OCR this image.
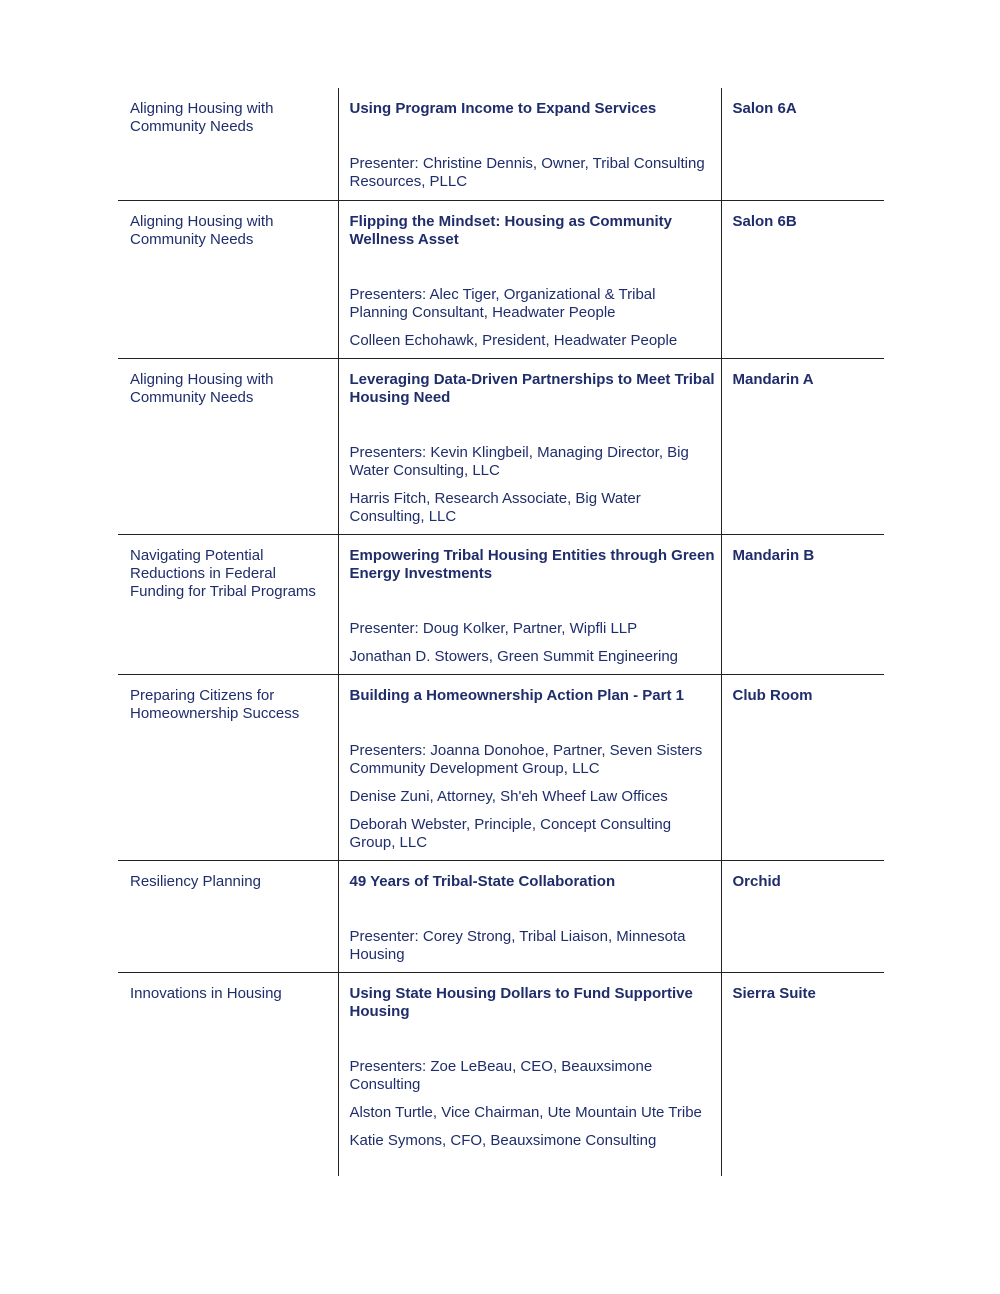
Aligning Housing with Community Needs	Using Program Income to Expand Services
Presenter: Christine Dennis, Owner, Tribal Consulting Resources, PLLC	Salon 6A
Aligning Housing with Community Needs	Flipping the Mindset: Housing as Community Wellness Asset
Presenters: Alec Tiger, Organizational & Tribal Planning Consultant, Headwater People
Colleen Echohawk, President, Headwater People	Salon 6B
Aligning Housing with Community Needs	Leveraging Data-Driven Partnerships to Meet Tribal Housing Need
Presenters: Kevin Klingbeil, Managing Director, Big Water Consulting, LLC
Harris Fitch, Research Associate, Big Water Consulting, LLC	Mandarin A
Navigating Potential Reductions in Federal Funding for Tribal Programs	Empowering Tribal Housing Entities through Green Energy Investments
Presenter: Doug Kolker, Partner, Wipfli LLP
Jonathan D. Stowers, Green Summit Engineering	Mandarin B
Preparing Citizens for Homeownership Success	Building a Homeownership Action Plan - Part 1
Presenters: Joanna Donohoe, Partner, Seven Sisters Community Development Group, LLC
Denise Zuni, Attorney, Sh'eh Wheef Law Offices
Deborah Webster, Principle, Concept Consulting Group, LLC	Club Room
Resiliency Planning	49 Years of Tribal-State Collaboration
Presenter: Corey Strong, Tribal Liaison, Minnesota Housing	Orchid
Innovations in Housing	Using State Housing Dollars to Fund Supportive Housing
Presenters: Zoe LeBeau, CEO, Beauxsimone Consulting
Alston Turtle, Vice Chairman, Ute Mountain Ute Tribe
Katie Symons, CFO, Beauxsimone Consulting	Sierra Suite
